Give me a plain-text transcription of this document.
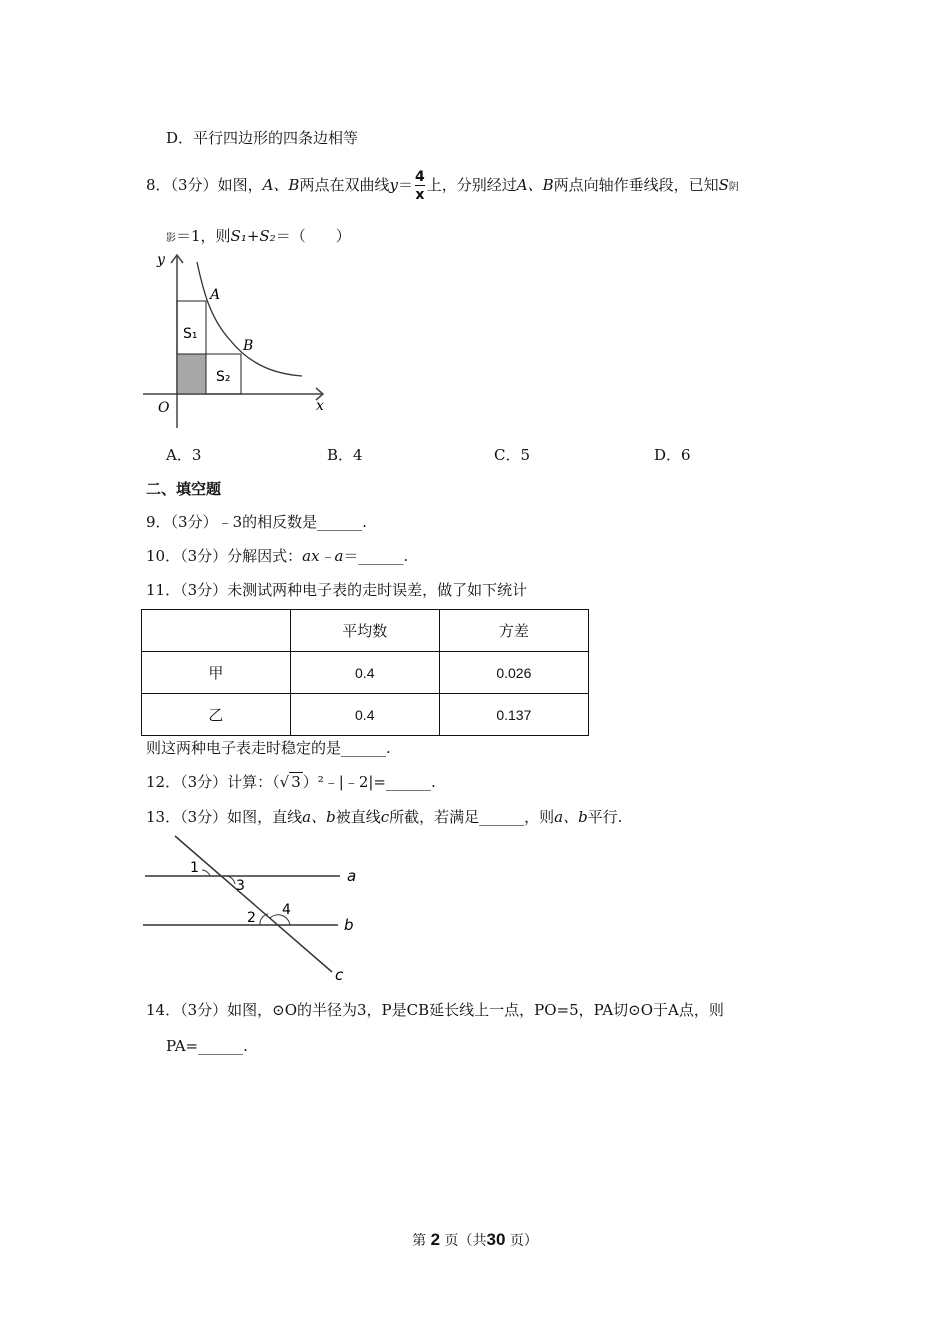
D．平行四边形的四条边相等
8．（3分）如图，A、B两点在双曲线$y= \frac{4}{x}$ 上，分别经过A、B两点向轴作垂线段，已知S阴
影＝1，则S₁+S₂＝（　　）
y
x
O
A
B
S₁
S₂
A．3	B．4	C．5	D．6
二、填空题
9．（3分）﹣3的相反数是______.
10．（3分）分解因式：ax﹣a＝______.
11．（3分）未测试两种电子表的走时误差，做了如下统计
	平均数	方差
甲	0.4	0.026
乙	0.4	0.137
则这两种电子表走时稳定的是______.
12．（3分）计算：（√ 3 ）²﹣|﹣2|=______.
13．（3分）如图，直线a、b被直线c所截，若满足______，则a、b平行.
1
3
2 4
a
b
c
14．（3分）如图，⊙O的半径为3，P是CB延长线上一点，PO=5，PA切⊙O于A点，则
PA=______.
第 2 页（共30 页）
